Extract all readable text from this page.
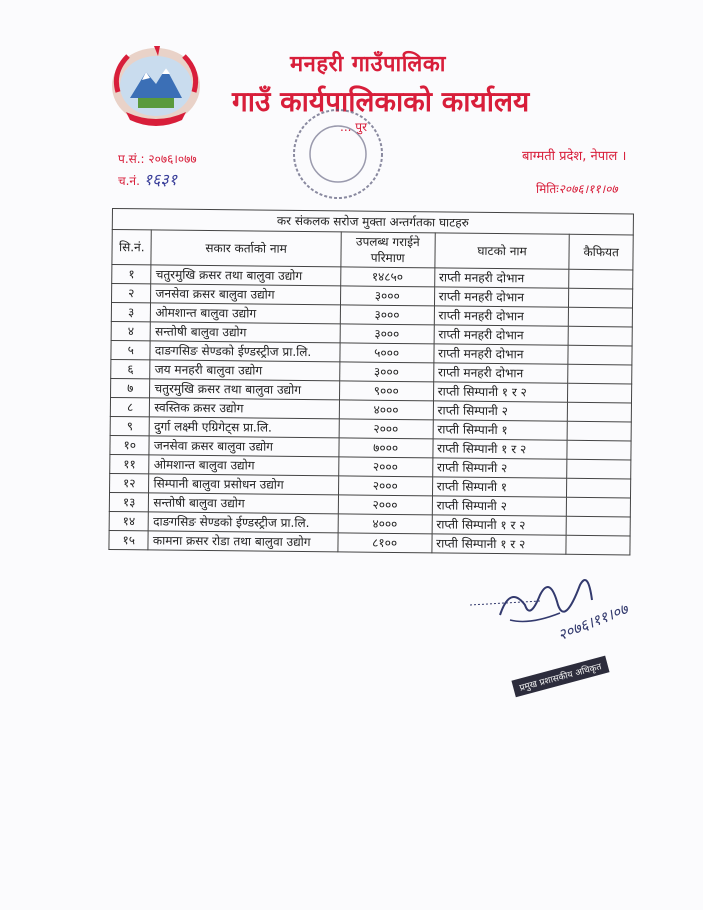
मनहरी गाउँपालिका
गाउँ कार्यपालिकाको कार्यालय
... पुर
प.सं.: २०७६।०७७
च.नं. १६३१
बाग्मती प्रदेश, नेपाल ।
मितिः२०७६।११।०७
कर संकलक सरोज मुक्ता अन्तर्गतका घाटहरु				
सि.नं.	सकार कर्ताको नाम	उपलब्ध गराईने परिमाण	घाटको नाम	कैफियत
१	चतुरमुखि क्रसर तथा बालुवा उद्योग	१४८५०	राप्ती मनहरी दोभान	
२	जनसेवा क्रसर बालुवा उद्योग	३०००	राप्ती मनहरी दोभान	
३	ओमशान्त बालुवा उद्योग	३०००	राप्ती मनहरी दोभान	
४	सन्तोषी बालुवा उद्योग	३०००	राप्ती मनहरी दोभान	
५	दाङगसिङ सेण्डको ईण्डस्ट्रीज प्रा.लि.	५०००	राप्ती मनहरी दोभान	
६	जय मनहरी बालुवा उद्योग	३०००	राप्ती मनहरी दोभान	
७	चतुरमुखि क्रसर तथा बालुवा उद्योग	९०००	राप्ती सिम्पानी १ र २	
८	स्वस्तिक क्रसर उद्योग	४०००	राप्ती सिम्पानी २	
९	दुर्गा लक्ष्मी एग्रिगेट्स प्रा.लि.	२०००	राप्ती सिम्पानी १	
१०	जनसेवा क्रसर बालुवा उद्योग	७०००	राप्ती सिम्पानी १ र २	
११	ओमशान्त बालुवा उद्योग	२०००	राप्ती सिम्पानी २	
१२	सिम्पानी बालुवा प्रसोधन उद्योग	२०००	राप्ती सिम्पानी १	
१३	सन्तोषी बालुवा उद्योग	२०००	राप्ती सिम्पानी २	
१४	दाङगसिङ सेण्डको ईण्डस्ट्रीज प्रा.लि.	४०००	राप्ती सिम्पानी १ र २	
१५	कामना क्रसर रोडा तथा बालुवा उद्योग	८१००	राप्ती सिम्पानी १ र २	
२०७६।११।०७
प्रमुख प्रशासकीय अधिकृत
